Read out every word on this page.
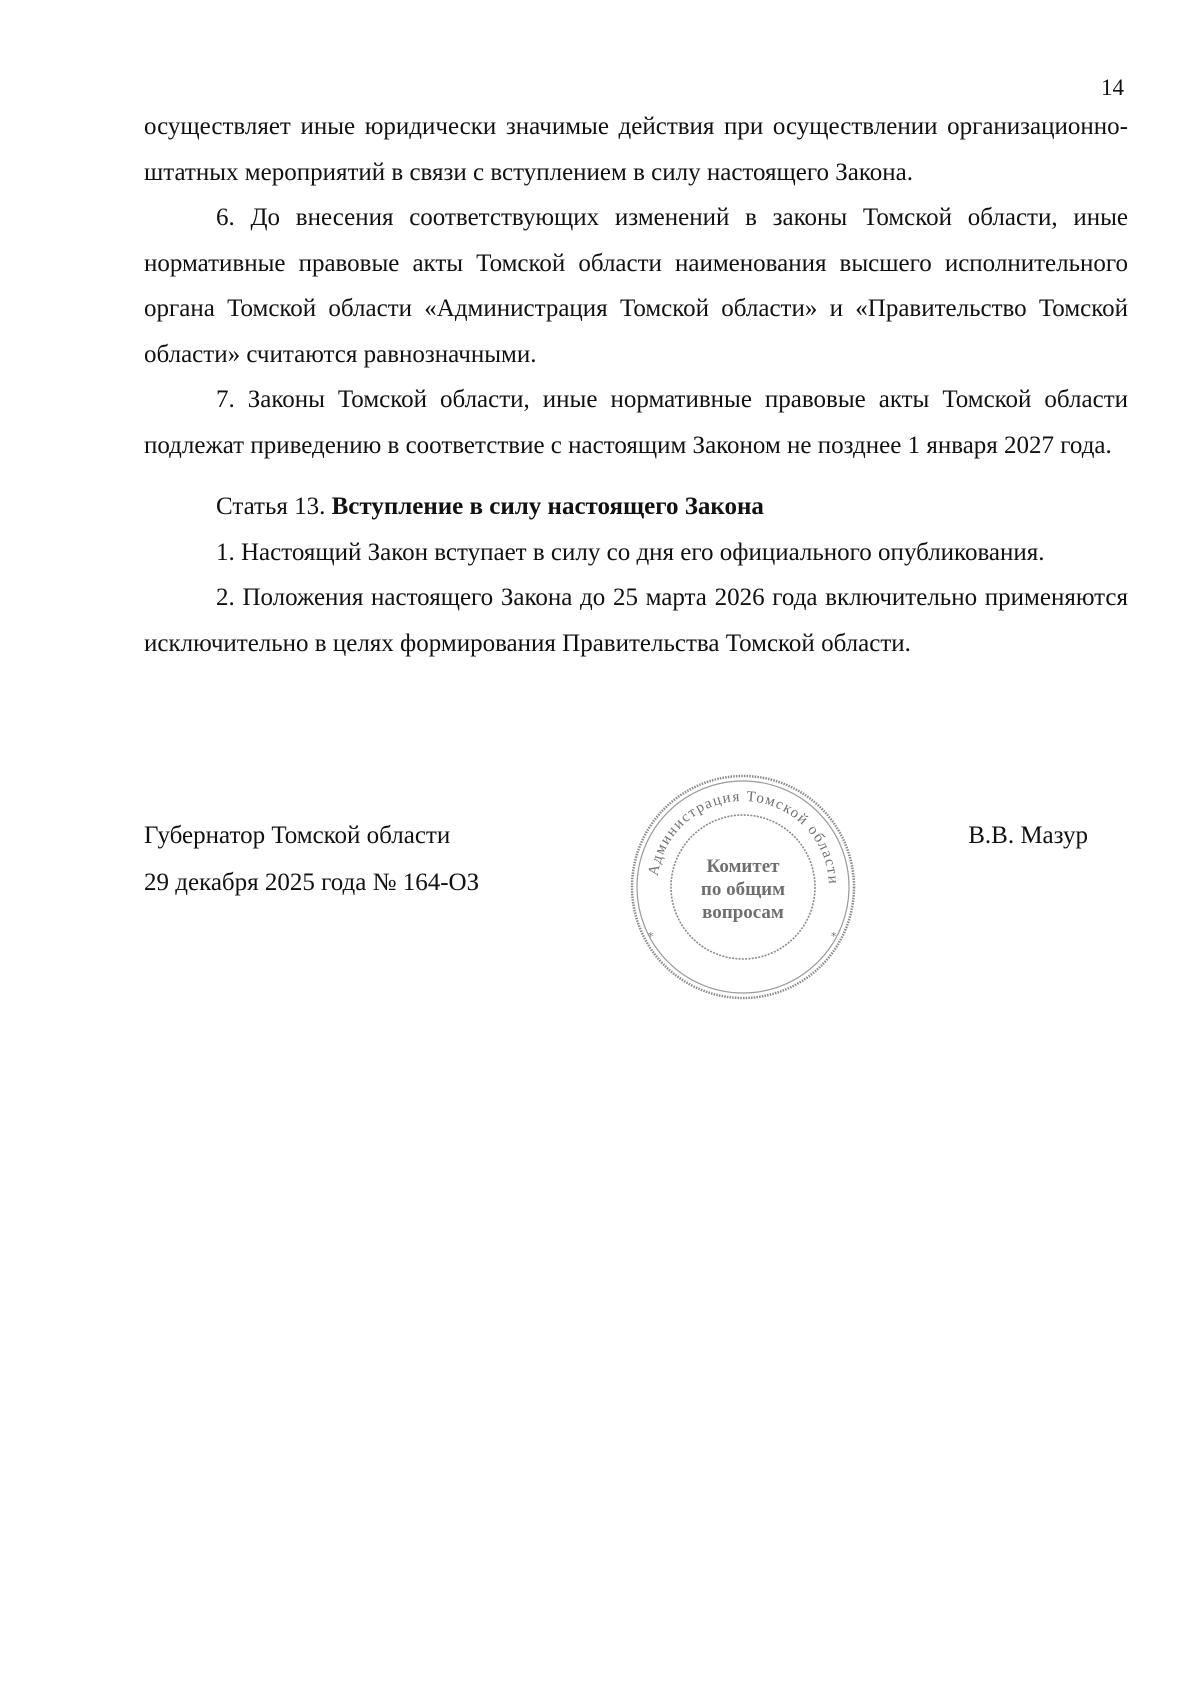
14

осуществляет иные юридически значимые действия при осуществлении организационно-штатных мероприятий в связи с вступлением в силу настоящего Закона.

6. До внесения соответствующих изменений в законы Томской области, иные нормативные правовые акты Томской области наименования высшего исполнительного органа Томской области «Администрация Томской области» и «Правительство Томской области» считаются равнозначными.

7. Законы Томской области, иные нормативные правовые акты Томской области подлежат приведению в соответствие с настоящим Законом не позднее 1 января 2027 года.

Статья 13. Вступление в силу настоящего Закона

1. Настоящий Закон вступает в силу со дня его официального опубликования.

2. Положения настоящего Закона до 25 марта 2026 года включительно применяются исключительно в целях формирования Правительства Томской области.

Губернатор Томской области
29 декабря 2025 года № 164-ОЗ
В.В. Мазур
Администрация Томской области
*	*
Комитет
по общим
вопросам
